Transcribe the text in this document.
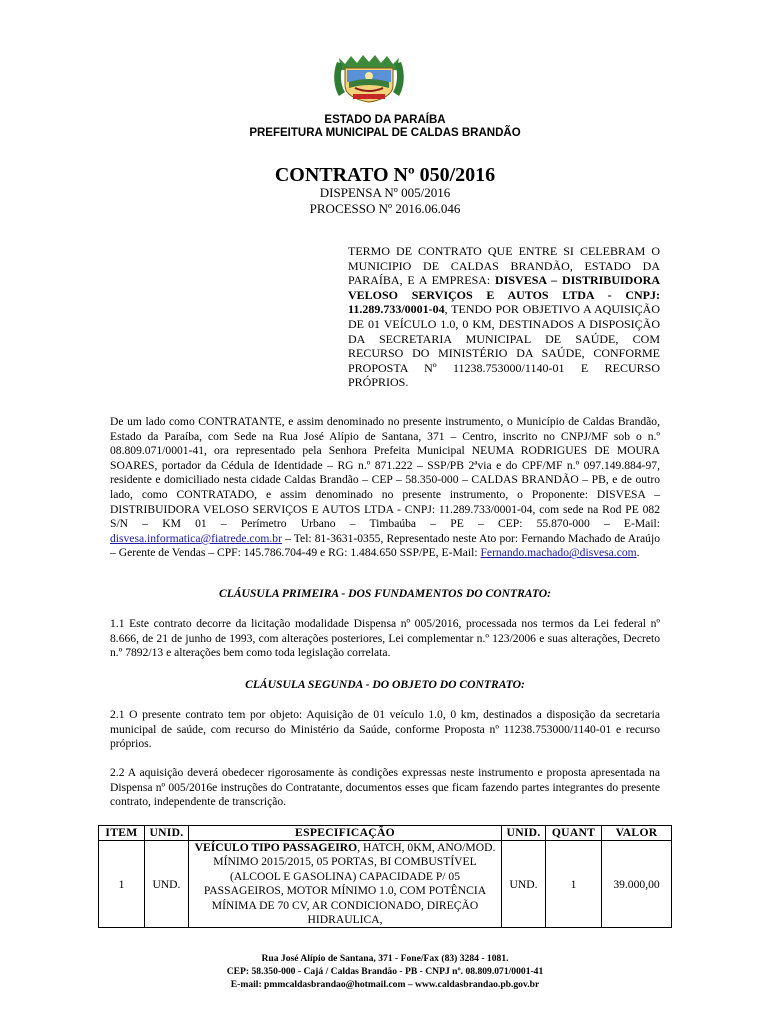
ESTADO DA PARAÍBA
PREFEITURA MUNICIPAL DE CALDAS BRANDÃO
CONTRATO Nº 050/2016
DISPENSA Nº 005/2016
PROCESSO Nº 2016.06.046
TERMO DE CONTRATO QUE ENTRE SI CELEBRAM O MUNICIPIO DE CALDAS BRANDÃO, ESTADO DA PARAÍBA, E A EMPRESA: DISVESA – DISTRIBUIDORA VELOSO SERVIÇOS E AUTOS LTDA - CNPJ: 11.289.733/0001-04, TENDO POR OBJETIVO A AQUISIÇÃO DE 01 VEÍCULO 1.0, 0 KM, DESTINADOS A DISPOSIÇÃO DA SECRETARIA MUNICIPAL DE SAÚDE, COM RECURSO DO MINISTÉRIO DA SAÚDE, CONFORME PROPOSTA Nº 11238.753000/1140-01 E RECURSO PRÓPRIOS.
De um lado como CONTRATANTE, e assim denominado no presente instrumento, o Município de Caldas Brandão, Estado da Paraíba, com Sede na Rua José Alípio de Santana, 371 – Centro, inscrito no CNPJ/MF sob o n.º 08.809.071/0001-41, ora representado pela Senhora Prefeita Municipal NEUMA RODRIGUES DE MOURA SOARES, portador da Cédula de Identidade – RG n.º 871.222 – SSP/PB 2ªvia e do CPF/MF n.º 097.149.884-97, residente e domiciliado nesta cidade Caldas Brandão – CEP – 58.350-000 – CALDAS BRANDÃO – PB, e de outro lado, como CONTRATADO, e assim denominado no presente instrumento, o Proponente: DISVESA – DISTRIBUIDORA VELOSO SERVIÇOS E AUTOS LTDA - CNPJ: 11.289.733/0001-04, com sede na Rod PE 082 S/N – KM 01 – Perímetro Urbano – Timbaúba – PE – CEP: 55.870-000 – E-Mail: disvesa.informatica@fiatrede.com.br – Tel: 81-3631-0355, Representado neste Ato por: Fernando Machado de Araújo – Gerente de Vendas – CPF: 145.786.704-49 e RG: 1.484.650 SSP/PE, E-Mail: Fernando.machado@disvesa.com.
CLÁUSULA PRIMEIRA - DOS FUNDAMENTOS DO CONTRATO:
1.1 Este contrato decorre da licitação modalidade Dispensa nº 005/2016, processada nos termos da Lei federal nº 8.666, de 21 de junho de 1993, com alterações posteriores, Lei complementar n.º 123/2006 e suas alterações, Decreto n.º 7892/13 e alterações bem como toda legislação correlata.
CLÁUSULA SEGUNDA - DO OBJETO DO CONTRATO:
2.1 O presente contrato tem por objeto: Aquisição de 01 veículo 1.0, 0 km, destinados a disposição da secretaria municipal de saúde, com recurso do Ministério da Saúde, conforme Proposta nº 11238.753000/1140-01 e recurso próprios.
2.2 A aquisição deverá obedecer rigorosamente às condições expressas neste instrumento e proposta apresentada na Dispensa nº 005/2016e instruções do Contratante, documentos esses que ficam fazendo partes integrantes do presente contrato, independente de transcrição.
ITEM	UNID.	ESPECIFICAÇÃO	UNID.	QUANT	VALOR
1	UND.	VEÍCULO TIPO PASSAGEIRO, HATCH, 0KM, ANO/MOD. MÍNIMO 2015/2015, 05 PORTAS, BI COMBUSTÍVEL (ALCOOL E GASOLINA) CAPACIDADE P/ 05 PASSAGEIROS, MOTOR MÍNIMO 1.0, COM POTÊNCIA MÍNIMA DE 70 CV, AR CONDICIONADO, DIREÇÃO HIDRAULICA,	UND.	1	39.000,00
Rua José Alípio de Santana, 371 - Fone/Fax (83) 3284 - 1081.
CEP: 58.350-000 - Cajá / Caldas Brandão - PB - CNPJ nº. 08.809.071/0001-41
E-mail: pmmcaldasbrandao@hotmail.com – www.caldasbrandao.pb.gov.br
